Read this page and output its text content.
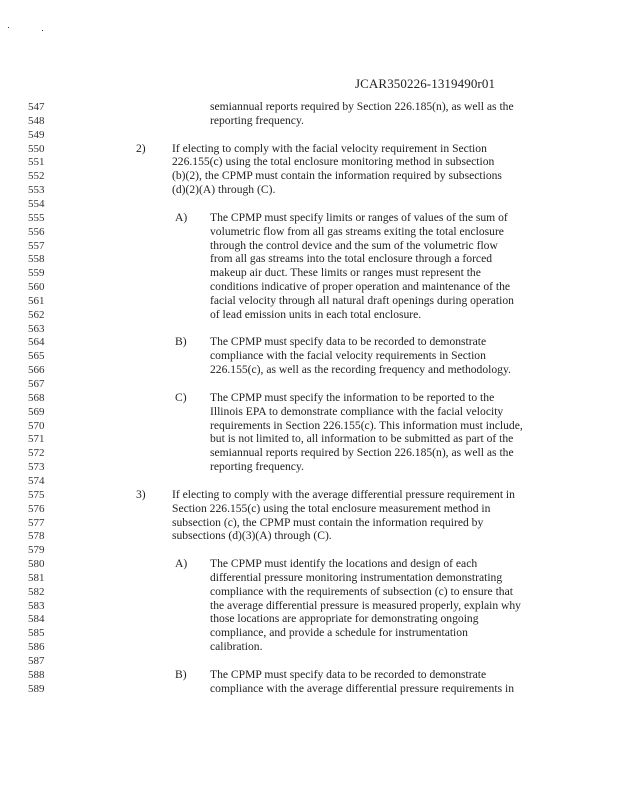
JCAR350226-1319490r01
547	semiannual reports required by Section 226.185(n), as well as the
548	reporting frequency.
549
550	2) If electing to comply with the facial velocity requirement in Section
551	226.155(c) using the total enclosure monitoring method in subsection
552	(b)(2), the CPMP must contain the information required by subsections
553	(d)(2)(A) through (C).
554
555	A) The CPMP must specify limits or ranges of values of the sum of
556	volumetric flow from all gas streams exiting the total enclosure
557	through the control device and the sum of the volumetric flow
558	from all gas streams into the total enclosure through a forced
559	makeup air duct. These limits or ranges must represent the
560	conditions indicative of proper operation and maintenance of the
561	facial velocity through all natural draft openings during operation
562	of lead emission units in each total enclosure.
563
564	B) The CPMP must specify data to be recorded to demonstrate
565	compliance with the facial velocity requirements in Section
566	226.155(c), as well as the recording frequency and methodology.
567
568	C) The CPMP must specify the information to be reported to the
569	Illinois EPA to demonstrate compliance with the facial velocity
570	requirements in Section 226.155(c). This information must include,
571	but is not limited to, all information to be submitted as part of the
572	semiannual reports required by Section 226.185(n), as well as the
573	reporting frequency.
574
575	3) If electing to comply with the average differential pressure requirement in
576	Section 226.155(c) using the total enclosure measurement method in
577	subsection (c), the CPMP must contain the information required by
578	subsections (d)(3)(A) through (C).
579
580	A) The CPMP must identify the locations and design of each
581	differential pressure monitoring instrumentation demonstrating
582	compliance with the requirements of subsection (c) to ensure that
583	the average differential pressure is measured properly, explain why
584	those locations are appropriate for demonstrating ongoing
585	compliance, and provide a schedule for instrumentation
586	calibration.
587
588	B) The CPMP must specify data to be recorded to demonstrate
589	compliance with the average differential pressure requirements in
